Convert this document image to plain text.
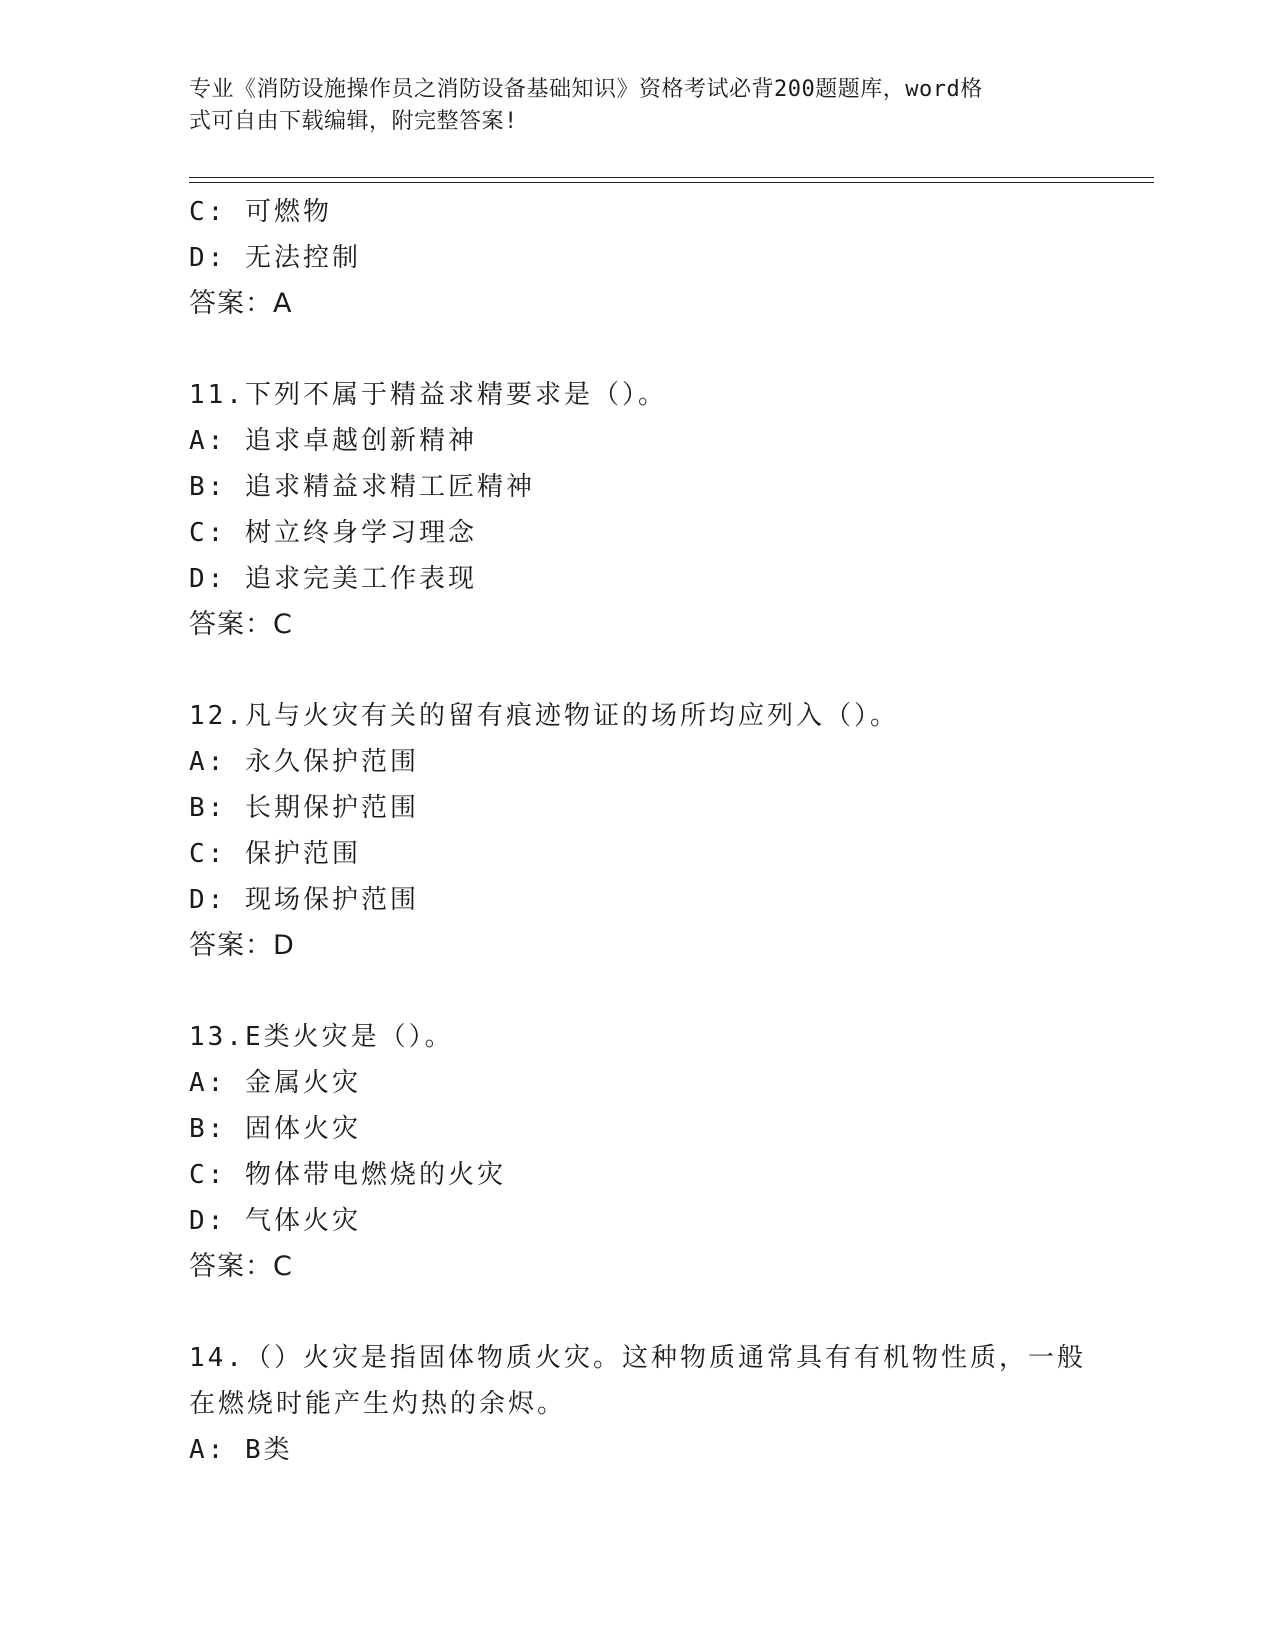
专业《消防设施操作员之消防设备基础知识》资格考试必背200题题库，word格
式可自由下载编辑，附完整答案!
C: 可燃物
D: 无法控制
答案：A
11.下列不属于精益求精要求是（）。
A: 追求卓越创新精神
B: 追求精益求精工匠精神
C: 树立终身学习理念
D: 追求完美工作表现
答案：C
12.凡与火灾有关的留有痕迹物证的场所均应列入（）。
A: 永久保护范围
B: 长期保护范围
C: 保护范围
D: 现场保护范围
答案：D
13.E类火灾是（）。
A: 金属火灾
B: 固体火灾
C: 物体带电燃烧的火灾
D: 气体火灾
答案：C
14.（）火灾是指固体物质火灾。这种物质通常具有有机物性质，一般
在燃烧时能产生灼热的余烬。
A: B类
